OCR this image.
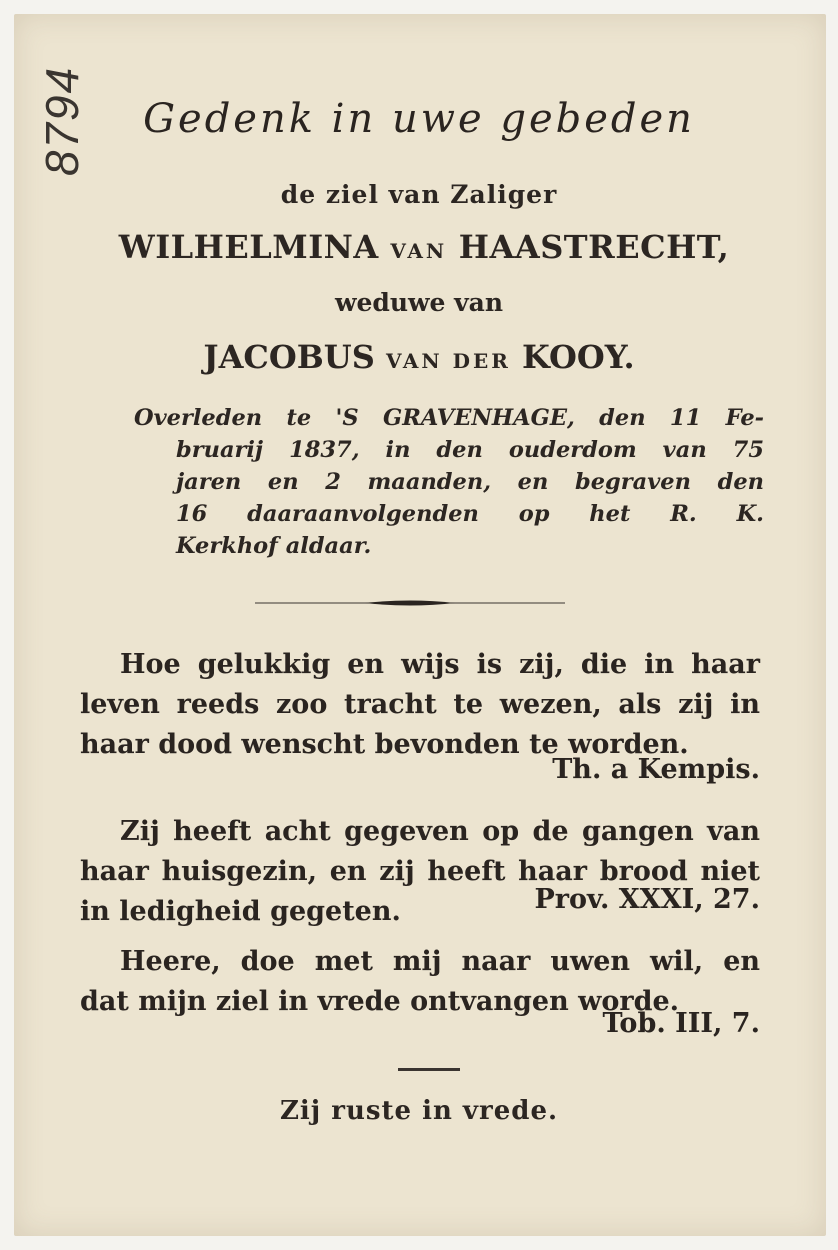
8794	Gedenk in uwe gebeden
de ziel van Zaliger
WILHELMINA VAN HAASTRECHT,
weduwe van
JACOBUS VAN DER KOOY.
Overleden te 'S GRAVENHAGE, den 11 Fe-
bruarij 1837, in den ouderdom van 75
jaren en 2 maanden, en begraven den
16 daaraanvolgenden op het R. K.
Kerkhof aldaar.
Hoe gelukkig en wijs is zij, die in haar
leven reeds zoo tracht te wezen, als zij in
haar dood wenscht bevonden te worden.
Th. a Kempis.
Zij heeft acht gegeven op de gangen van
haar huisgezin, en zij heeft haar brood niet
in ledigheid gegeten.	Prov. XXXI, 27.
Heere, doe met mij naar uwen wil, en
dat mijn ziel in vrede ontvangen worde.
Tob. III, 7.
Zij ruste in vrede.
